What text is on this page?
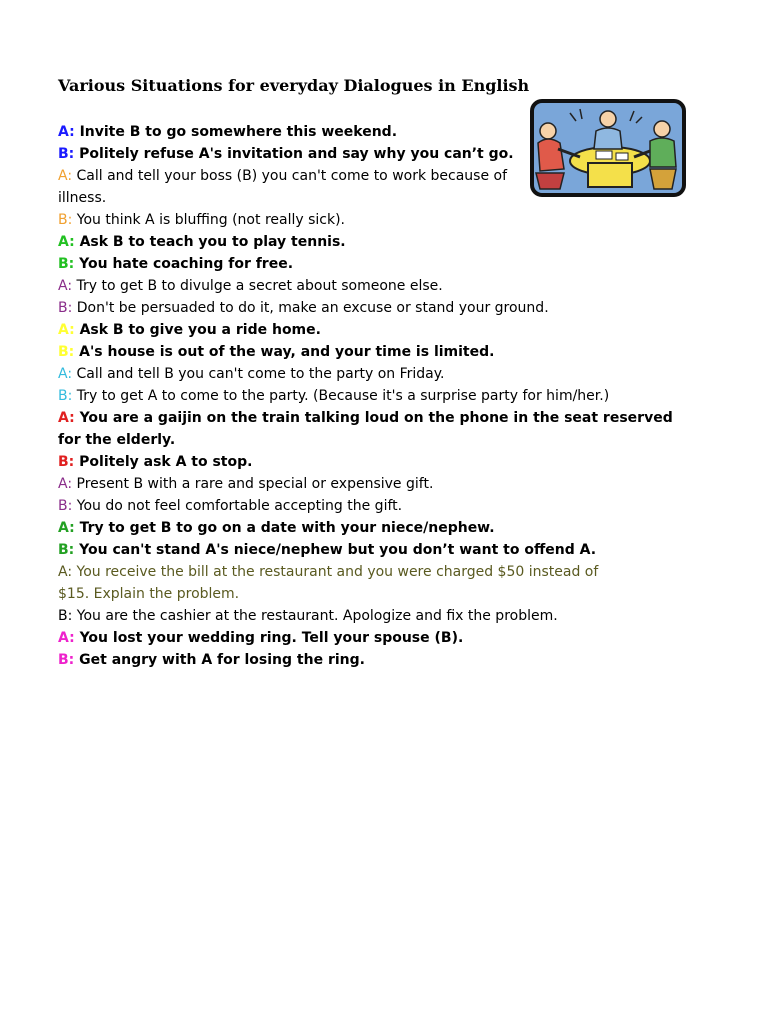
Various Situations for everyday Dialogues in English
A: Invite B to go somewhere this weekend.
B: Politely refuse A's invitation and say why you can’t go.
A: Call and tell your boss (B) you can't come to work because of illness.
B: You think A is bluffing (not really sick).
A: Ask B to teach you to play tennis.
B: You hate coaching for free.
A: Try to get B to divulge a secret about someone else.
B: Don't be persuaded to do it, make an excuse or stand your ground.
A: Ask B to give you a ride home.
B: A's house is out of the way, and your time is limited.
A: Call and tell B you can't come to the party on Friday.
B: Try to get A to come to the party. (Because it's a surprise party for him/her.)
A: You are a gaijin on the train talking loud on the phone in the seat reserved for the elderly.
B: Politely ask A to stop.
A: Present B with a rare and special or expensive gift.
B: You do not feel comfortable accepting the gift.
A: Try to get B to go on a date with your niece/nephew.
B: You can't stand A's niece/nephew but you don’t want to offend A.
A: You receive the bill at the restaurant and you were charged $50 instead of $15. Explain the problem.
B: You are the cashier at the restaurant. Apologize and fix the problem.
A: You lost your wedding ring. Tell your spouse (B).
B: Get angry with A for losing the ring.
